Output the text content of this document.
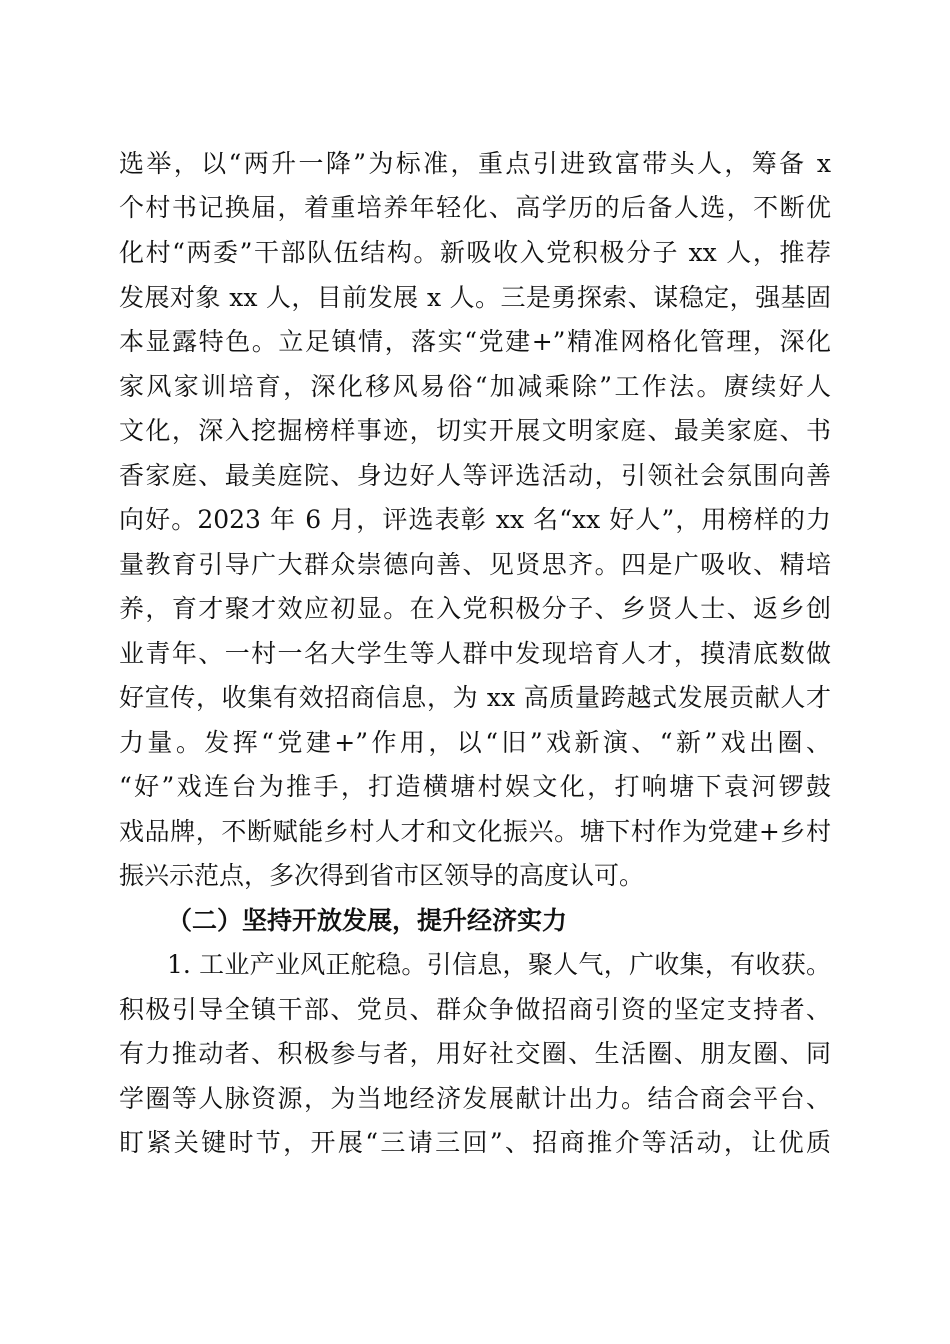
选举，以“两升一降”为标准，重点引进致富带头人，筹备 x
个村书记换届，着重培养年轻化、高学历的后备人选，不断优
化村“两委”干部队伍结构。新吸收入党积极分子 xx 人，推荐
发展对象 xx 人，目前发展 x 人。三是勇探索、谋稳定，强基固
本显露特色。立足镇情，落实“党建+”精准网格化管理，深化
家风家训培育，深化移风易俗“加减乘除”工作法。赓续好人
文化，深入挖掘榜样事迹，切实开展文明家庭、最美家庭、书
香家庭、最美庭院、身边好人等评选活动，引领社会氛围向善
向好。2023 年 6 月，评选表彰 xx 名“xx 好人”，用榜样的力
量教育引导广大群众崇德向善、见贤思齐。四是广吸收、精培
养，育才聚才效应初显。在入党积极分子、乡贤人士、返乡创
业青年、一村一名大学生等人群中发现培育人才，摸清底数做
好宣传，收集有效招商信息，为 xx 高质量跨越式发展贡献人才
力量。发挥“党建+”作用，以“旧”戏新演、“新”戏出圈、
“好”戏连台为推手，打造横塘村娱文化，打响塘下袁河锣鼓
戏品牌，不断赋能乡村人才和文化振兴。塘下村作为党建+乡村
振兴示范点，多次得到省市区领导的高度认可。
（二）坚持开放发展，提升经济实力
1. 工业产业风正舵稳。引信息，聚人气，广收集，有收获。
积极引导全镇干部、党员、群众争做招商引资的坚定支持者、
有力推动者、积极参与者，用好社交圈、生活圈、朋友圈、同
学圈等人脉资源，为当地经济发展献计出力。结合商会平台、
盯紧关键时节，开展“三请三回”、招商推介等活动，让优质
